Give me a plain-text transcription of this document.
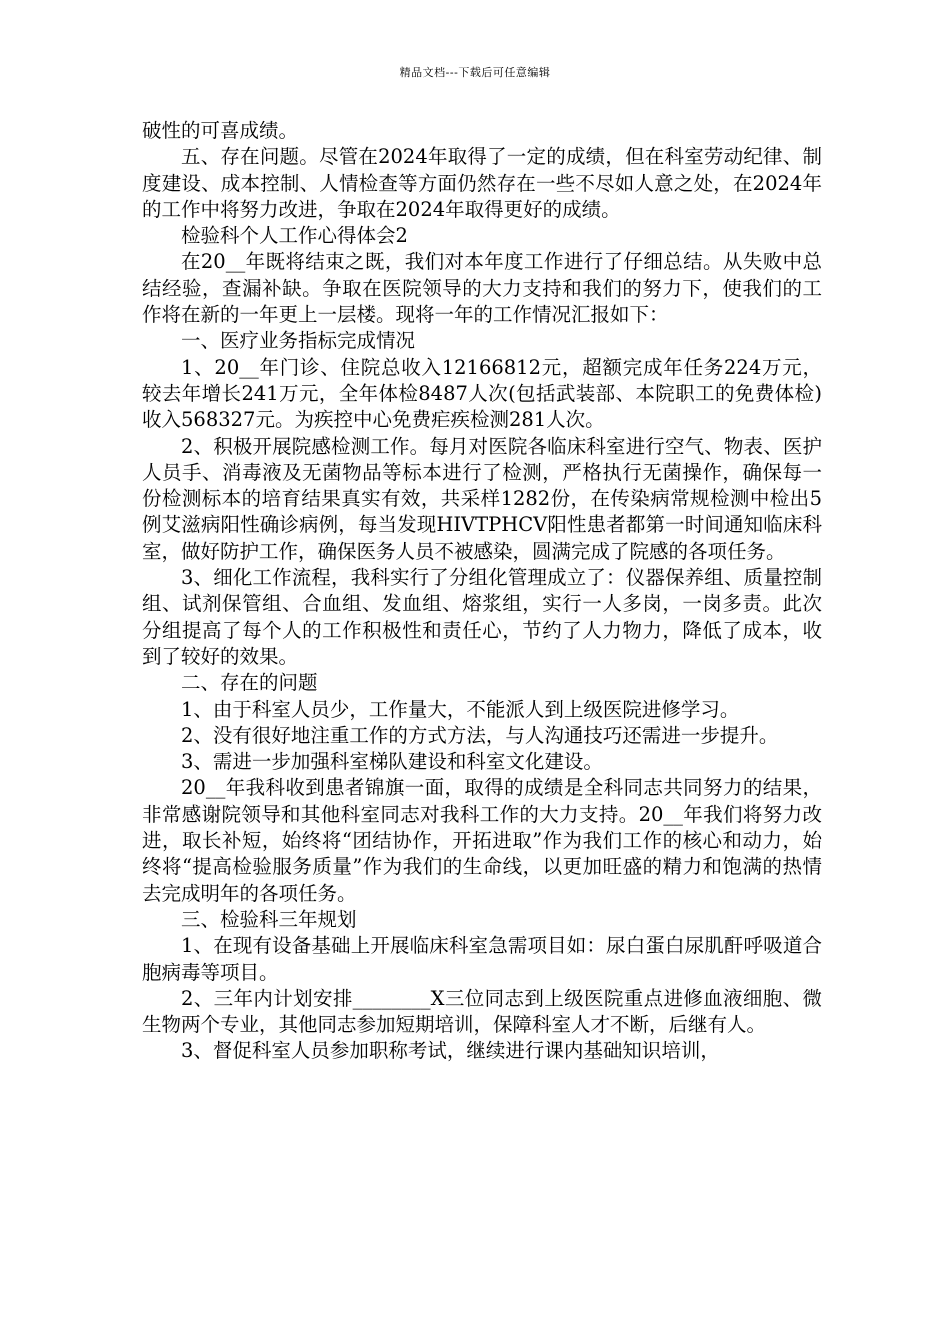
精品文档---下载后可任意编辑

破性的可喜成绩。

五、存在问题。尽管在2024年取得了一定的成绩，但在科室劳动纪律、制度建设、成本控制、人情检查等方面仍然存在一些不尽如人意之处，在2024年的工作中将努力改进，争取在2024年取得更好的成绩。

检验科个人工作心得体会2

在20__年既将结束之既，我们对本年度工作进行了仔细总结。从失败中总结经验，查漏补缺。争取在医院领导的大力支持和我们的努力下，使我们的工作将在新的一年更上一层楼。现将一年的工作情况汇报如下：

一、医疗业务指标完成情况

1、20__年门诊、住院总收入12166812元，超额完成年任务224万元，较去年增长241万元，全年体检8487人次(包括武装部、本院职工的免费体检)收入568327元。为疾控中心免费疟疾检测281人次。

2、积极开展院感检测工作。每月对医院各临床科室进行空气、物表、医护人员手、消毒液及无菌物品等标本进行了检测，严格执行无菌操作，确保每一份检测标本的培育结果真实有效，共采样1282份，在传染病常规检测中检出5例艾滋病阳性确诊病例，每当发现HIVTPHCV阳性患者都第一时间通知临床科室，做好防护工作，确保医务人员不被感染，圆满完成了院感的各项任务。

3、细化工作流程，我科实行了分组化管理成立了：仪器保养组、质量控制组、试剂保管组、合血组、发血组、熔浆组，实行一人多岗，一岗多责。此次分组提高了每个人的工作积极性和责任心，节约了人力物力，降低了成本，收到了较好的效果。

二、存在的问题

1、由于科室人员少，工作量大，不能派人到上级医院进修学习。

2、没有很好地注重工作的方式方法，与人沟通技巧还需进一步提升。

3、需进一步加强科室梯队建设和科室文化建设。

20__年我科收到患者锦旗一面，取得的成绩是全科同志共同努力的结果，非常感谢院领导和其他科室同志对我科工作的大力支持。20__年我们将努力改进，取长补短，始终将“团结协作，开拓进取”作为我们工作的核心和动力，始终将“提高检验服务质量”作为我们的生命线，以更加旺盛的精力和饱满的热情去完成明年的各项任务。

三、检验科三年规划

1、在现有设备基础上开展临床科室急需项目如：尿白蛋白尿肌酐呼吸道合胞病毒等项目。

2、三年内计划安排________X三位同志到上级医院重点进修血液细胞、微生物两个专业，其他同志参加短期培训，保障科室人才不断，后继有人。

3、督促科室人员参加职称考试，继续进行课内基础知识培训，
